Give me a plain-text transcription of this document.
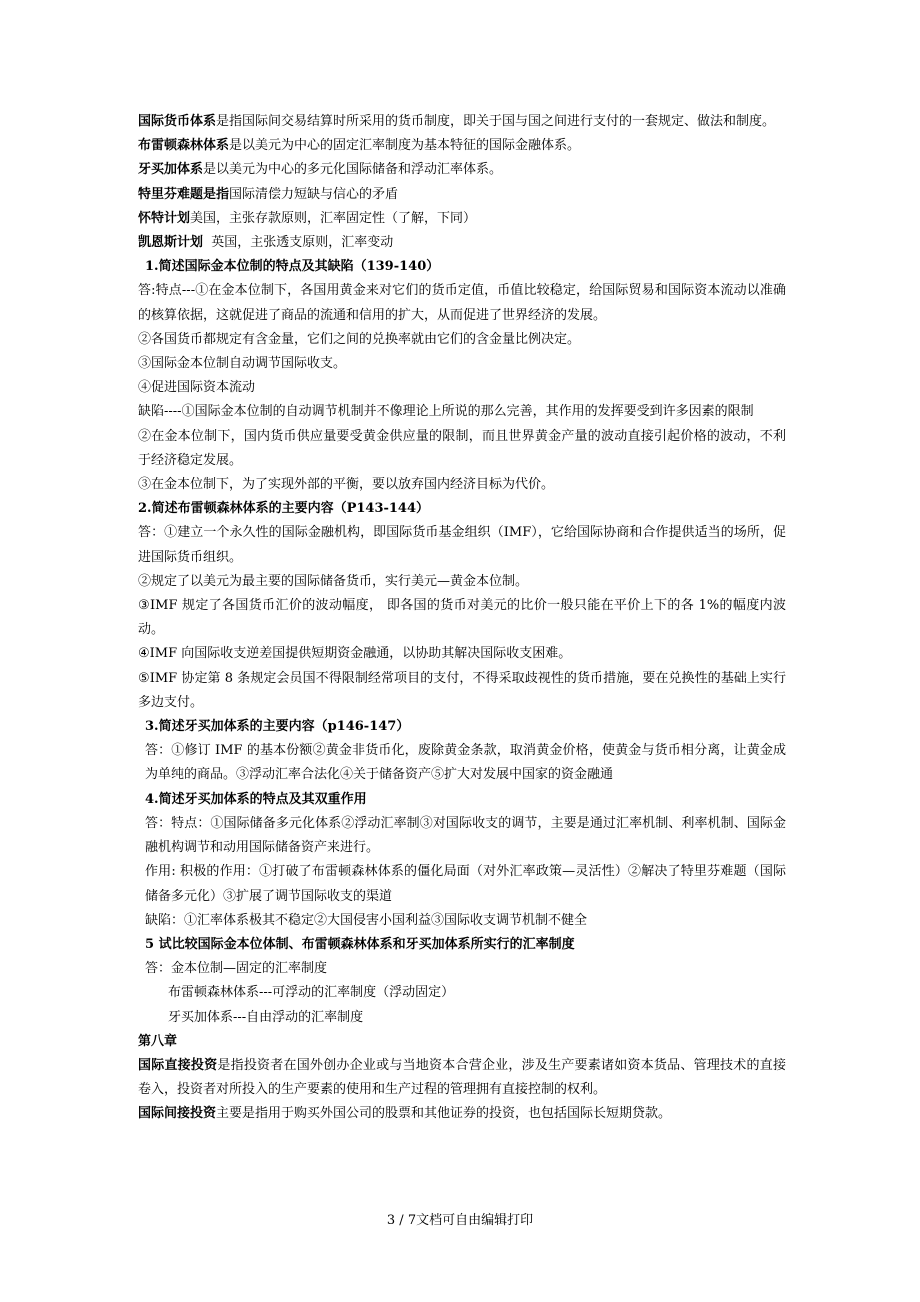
国际货币体系是指国际间交易结算时所采用的货币制度，即关于国与国之间进行支付的一套规定、做法和制度。

布雷顿森林体系是以美元为中心的固定汇率制度为基本特征的国际金融体系。

牙买加体系是以美元为中心的多元化国际储备和浮动汇率体系。

特里芬难题是指国际清偿力短缺与信心的矛盾

怀特计划美国，主张存款原则，汇率固定性（了解，下同）

凯恩斯计划  英国，主张透支原则，汇率变动

1.简述国际金本位制的特点及其缺陷（139-140）

答:特点---①在金本位制下，各国用黄金来对它们的货币定值，币值比较稳定，给国际贸易和国际资本流动以准确的核算依据，这就促进了商品的流通和信用的扩大，从而促进了世界经济的发展。

②各国货币都规定有含金量，它们之间的兑换率就由它们的含金量比例决定。

③国际金本位制自动调节国际收支。

④促进国际资本流动

缺陷----①国际金本位制的自动调节机制并不像理论上所说的那么完善，其作用的发挥要受到许多因素的限制

②在金本位制下，国内货币供应量要受黄金供应量的限制，而且世界黄金产量的波动直接引起价格的波动，不利于经济稳定发展。

③在金本位制下，为了实现外部的平衡，要以放弃国内经济目标为代价。

2.简述布雷顿森林体系的主要内容（P143-144）

答：①建立一个永久性的国际金融机构，即国际货币基金组织（IMF），它给国际协商和合作提供适当的场所，促进国际货币组织。

②规定了以美元为最主要的国际储备货币，实行美元—黄金本位制。

③IMF 规定了各国货币汇价的波动幅度， 即各国的货币对美元的比价一般只能在平价上下的各 1%的幅度内波动。

④IMF 向国际收支逆差国提供短期资金融通，以协助其解决国际收支困难。

⑤IMF 协定第 8 条规定会员国不得限制经常项目的支付，不得采取歧视性的货币措施，要在兑换性的基础上实行多边支付。

3.简述牙买加体系的主要内容（p146-147）

答：①修订 IMF 的基本份额②黄金非货币化，废除黄金条款，取消黄金价格，使黄金与货币相分离，让黄金成为单纯的商品。③浮动汇率合法化④关于储备资产⑤扩大对发展中国家的资金融通

4.简述牙买加体系的特点及其双重作用

答：特点：①国际储备多元化体系②浮动汇率制③对国际收支的调节，主要是通过汇率机制、利率机制、国际金融机构调节和动用国际储备资产来进行。

作用: 积极的作用：①打破了布雷顿森林体系的僵化局面（对外汇率政策—灵活性）②解决了特里芬难题（国际储备多元化）③扩展了调节国际收支的渠道

缺陷：①汇率体系极其不稳定②大国侵害小国利益③国际收支调节机制不健全

5 试比较国际金本位体制、布雷顿森林体系和牙买加体系所实行的汇率制度

答：金本位制—固定的汇率制度

布雷顿森林体系---可浮动的汇率制度（浮动固定）

牙买加体系---自由浮动的汇率制度

第八章

国际直接投资是指投资者在国外创办企业或与当地资本合营企业，涉及生产要素诸如资本货品、管理技术的直接卷入，投资者对所投入的生产要素的使用和生产过程的管理拥有直接控制的权利。

国际间接投资主要是指用于购买外国公司的股票和其他证券的投资，也包括国际长短期贷款。

3 / 7文档可自由编辑打印
